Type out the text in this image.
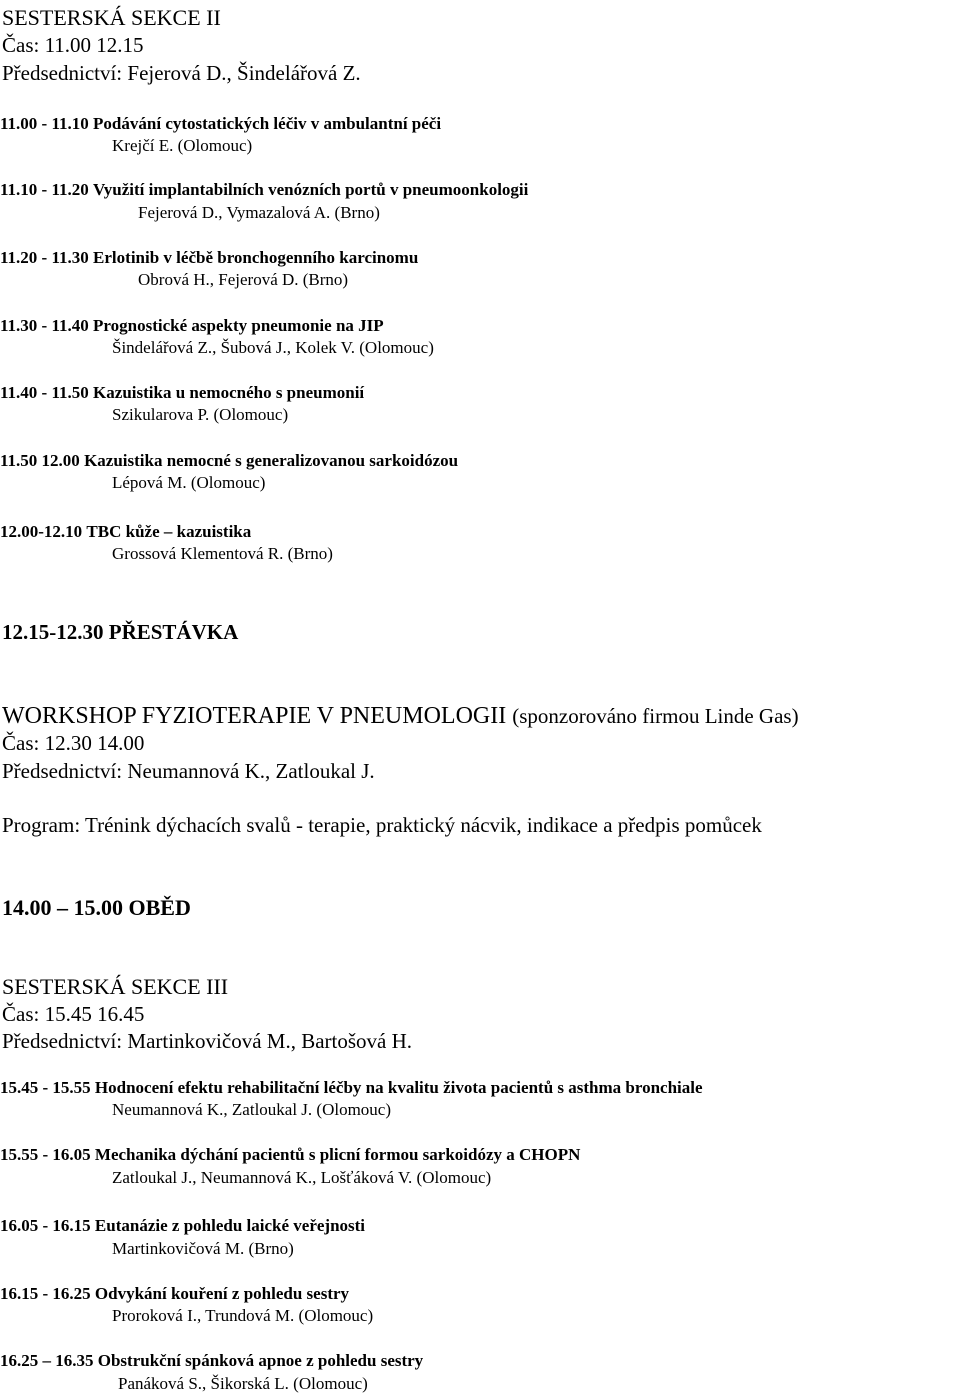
SESTERSKÁ SEKCE II
Čas: 11.00 12.15
Předsednictví: Fejerová D., Šindelářová Z.
11.00 - 11.10 Podávání cytostatických léčiv v ambulantní péči
Krejčí E. (Olomouc)
11.10 - 11.20 Využití implantabilních venózních portů v pneumoonkologii
Fejerová D., Vymazalová A. (Brno)
11.20 - 11.30 Erlotinib v léčbě bronchogenního karcinomu
Obrová H., Fejerová D. (Brno)
11.30 - 11.40 Prognostické aspekty pneumonie na JIP
Šindelářová Z., Šubová J., Kolek V. (Olomouc)
11.40 - 11.50 Kazuistika u nemocného s pneumonií
Szikularova P. (Olomouc)
11.50 12.00 Kazuistika nemocné s generalizovanou sarkoidózou
Lépová M. (Olomouc)
12.00-12.10 TBC kůže – kazuistika
Grossová Klementová R. (Brno)
12.15-12.30 PŘESTÁVKA
WORKSHOP FYZIOTERAPIE V PNEUMOLOGII (sponzorováno firmou Linde Gas)
Čas: 12.30 14.00
Předsednictví: Neumannová K., Zatloukal J.
Program: Trénink dýchacích svalů - terapie, praktický nácvik, indikace a předpis pomůcek
14.00 – 15.00 OBĚD
SESTERSKÁ SEKCE III
Čas: 15.45 16.45
Předsednictví: Martinkovičová M., Bartošová H.
15.45 - 15.55 Hodnocení efektu rehabilitační léčby na kvalitu života pacientů s asthma bronchiale
Neumannová K., Zatloukal J. (Olomouc)
15.55 - 16.05 Mechanika dýchání pacientů s plicní formou sarkoidózy a CHOPN
Zatloukal J., Neumannová K., Lošťáková V. (Olomouc)
16.05 - 16.15 Eutanázie z pohledu laické veřejnosti
Martinkovičová M. (Brno)
16.15 - 16.25 Odvykání kouření z pohledu sestry
Proroková I., Trundová M. (Olomouc)
16.25 – 16.35 Obstrukční spánková apnoe z pohledu sestry
Panáková S., Šikorská L. (Olomouc)
